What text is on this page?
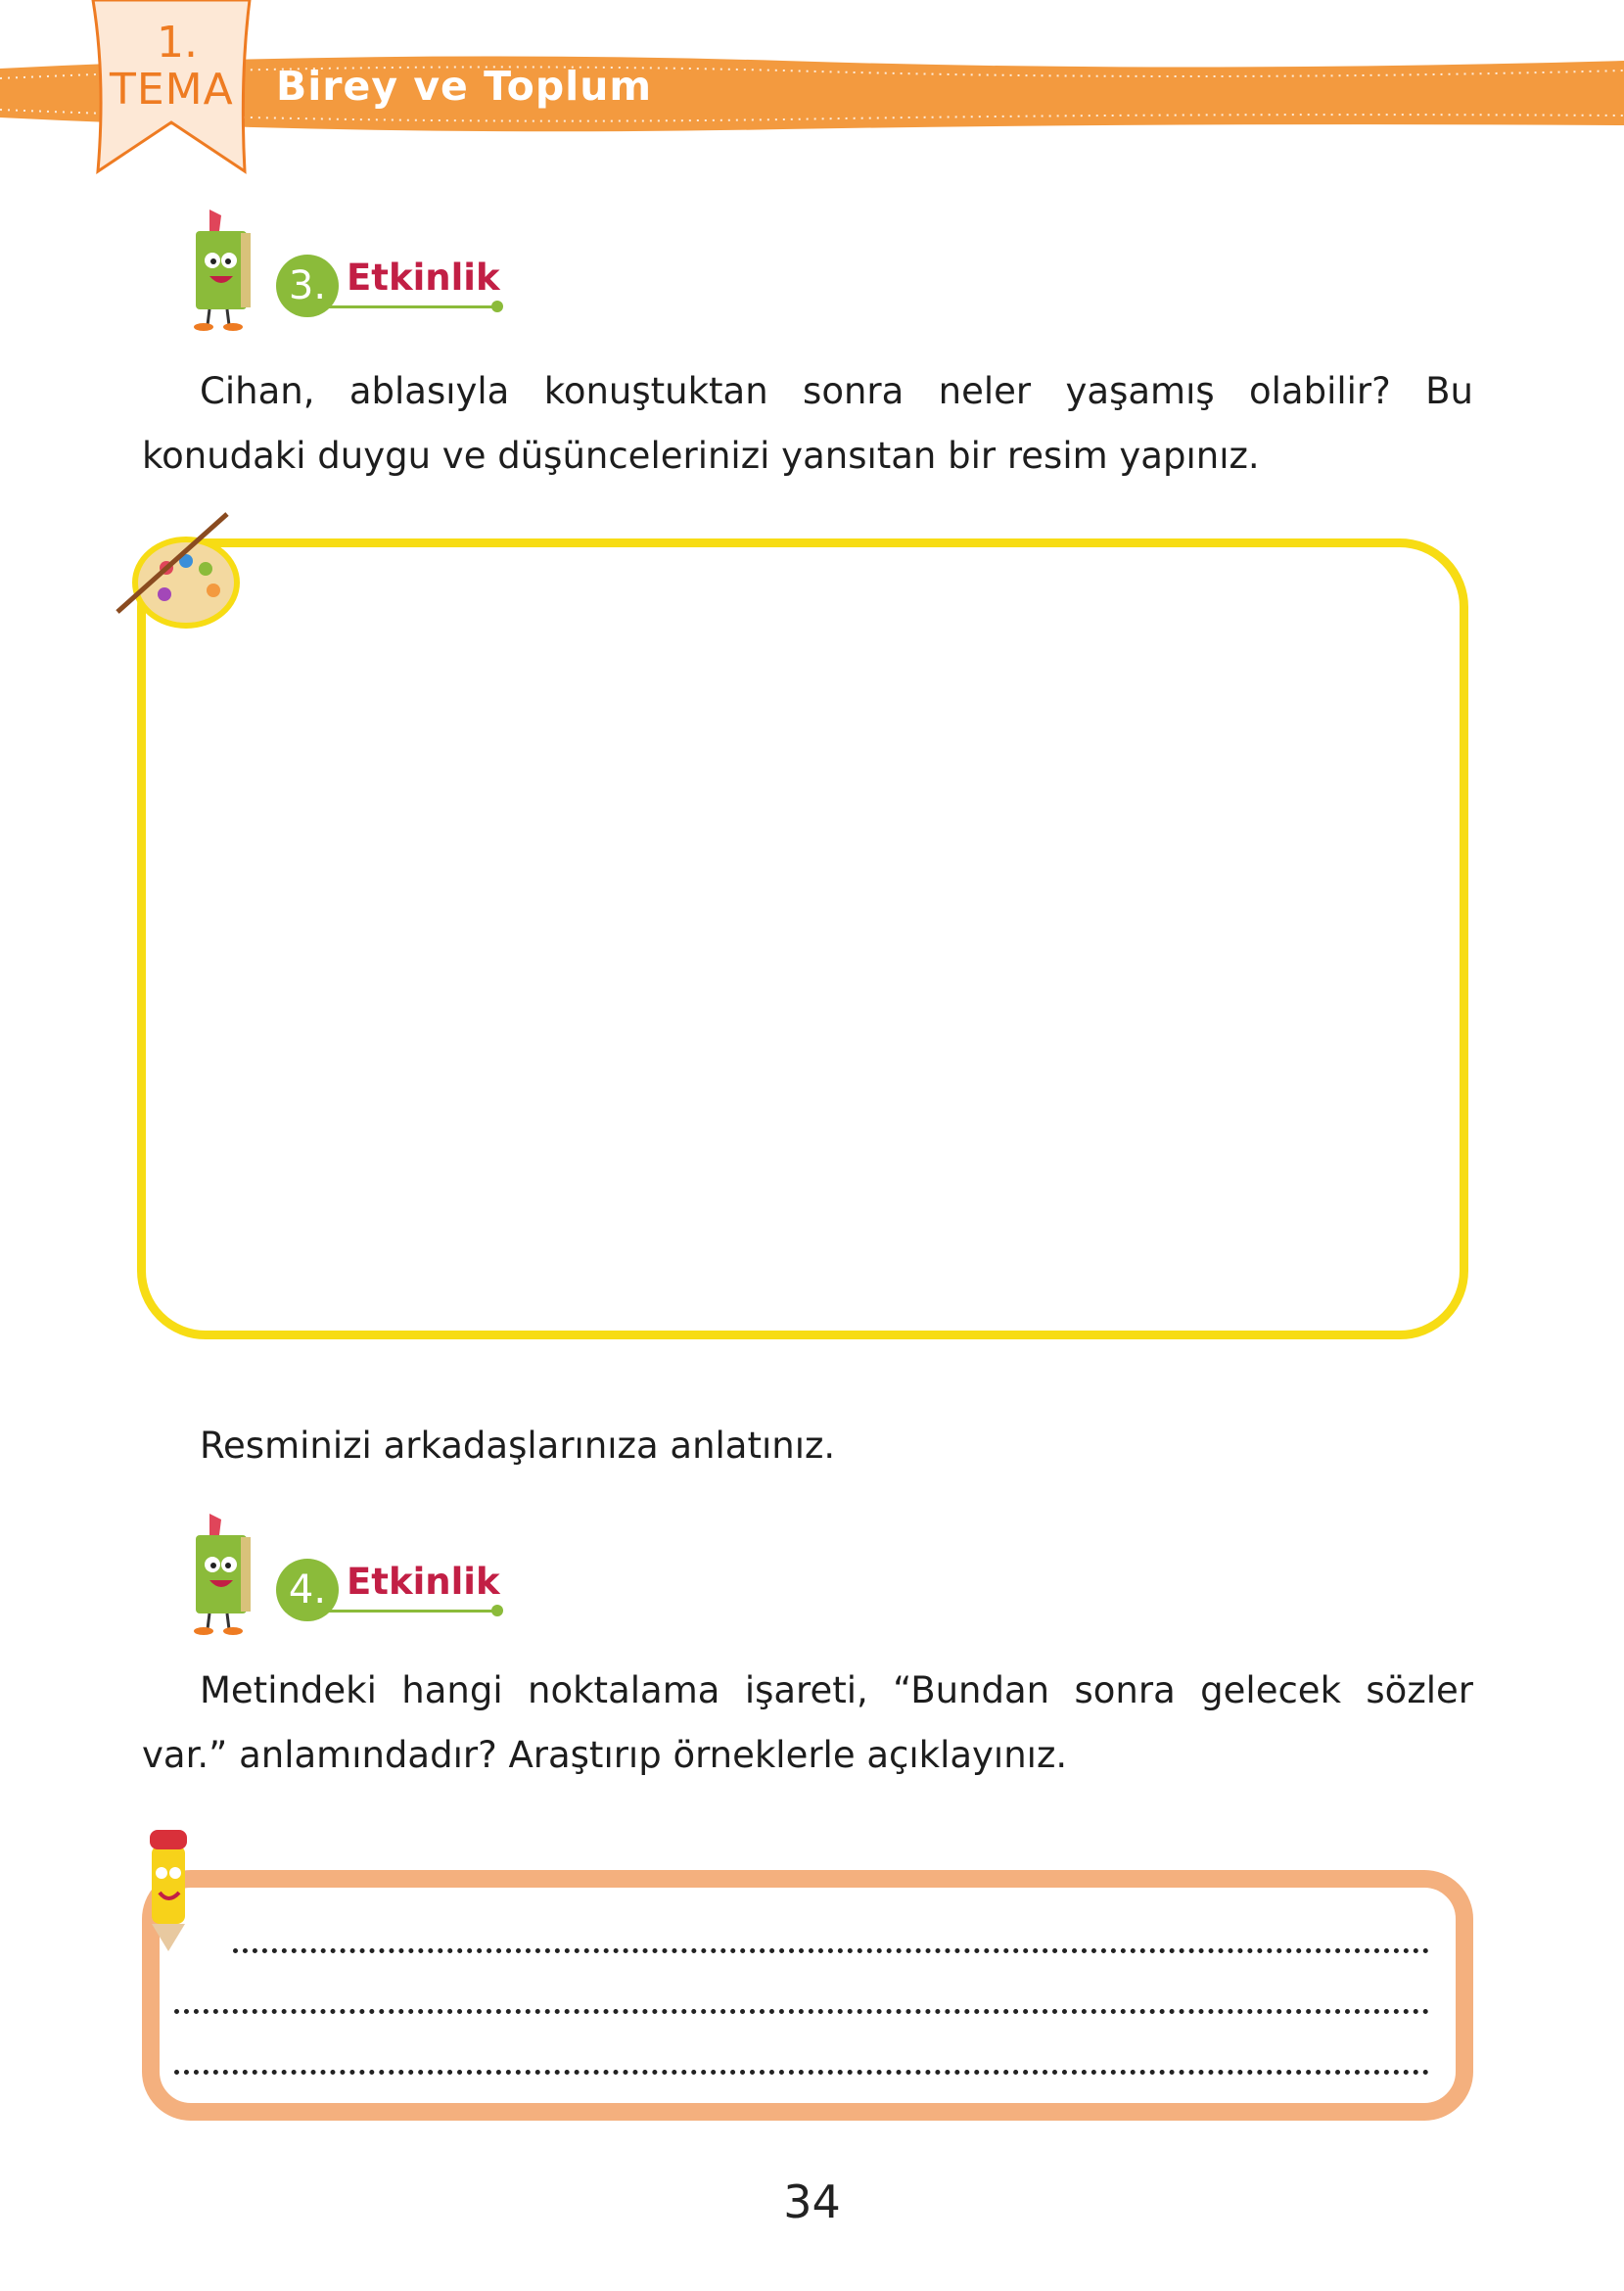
1.
TEMA Birey ve Toplum
3. Etkinlik
Cihan, ablasıyla konuştuktan sonra neler yaşamış olabilir? Bu konudaki duygu ve düşüncelerinizi yansıtan bir resim yapınız.
Resminizi arkadaşlarınıza anlatınız.
4. Etkinlik
Metindeki hangi noktalama işareti, “Bundan sonra gelecek sözler var.” anlamındadır? Araştırıp örneklerle açıklayınız.
34
